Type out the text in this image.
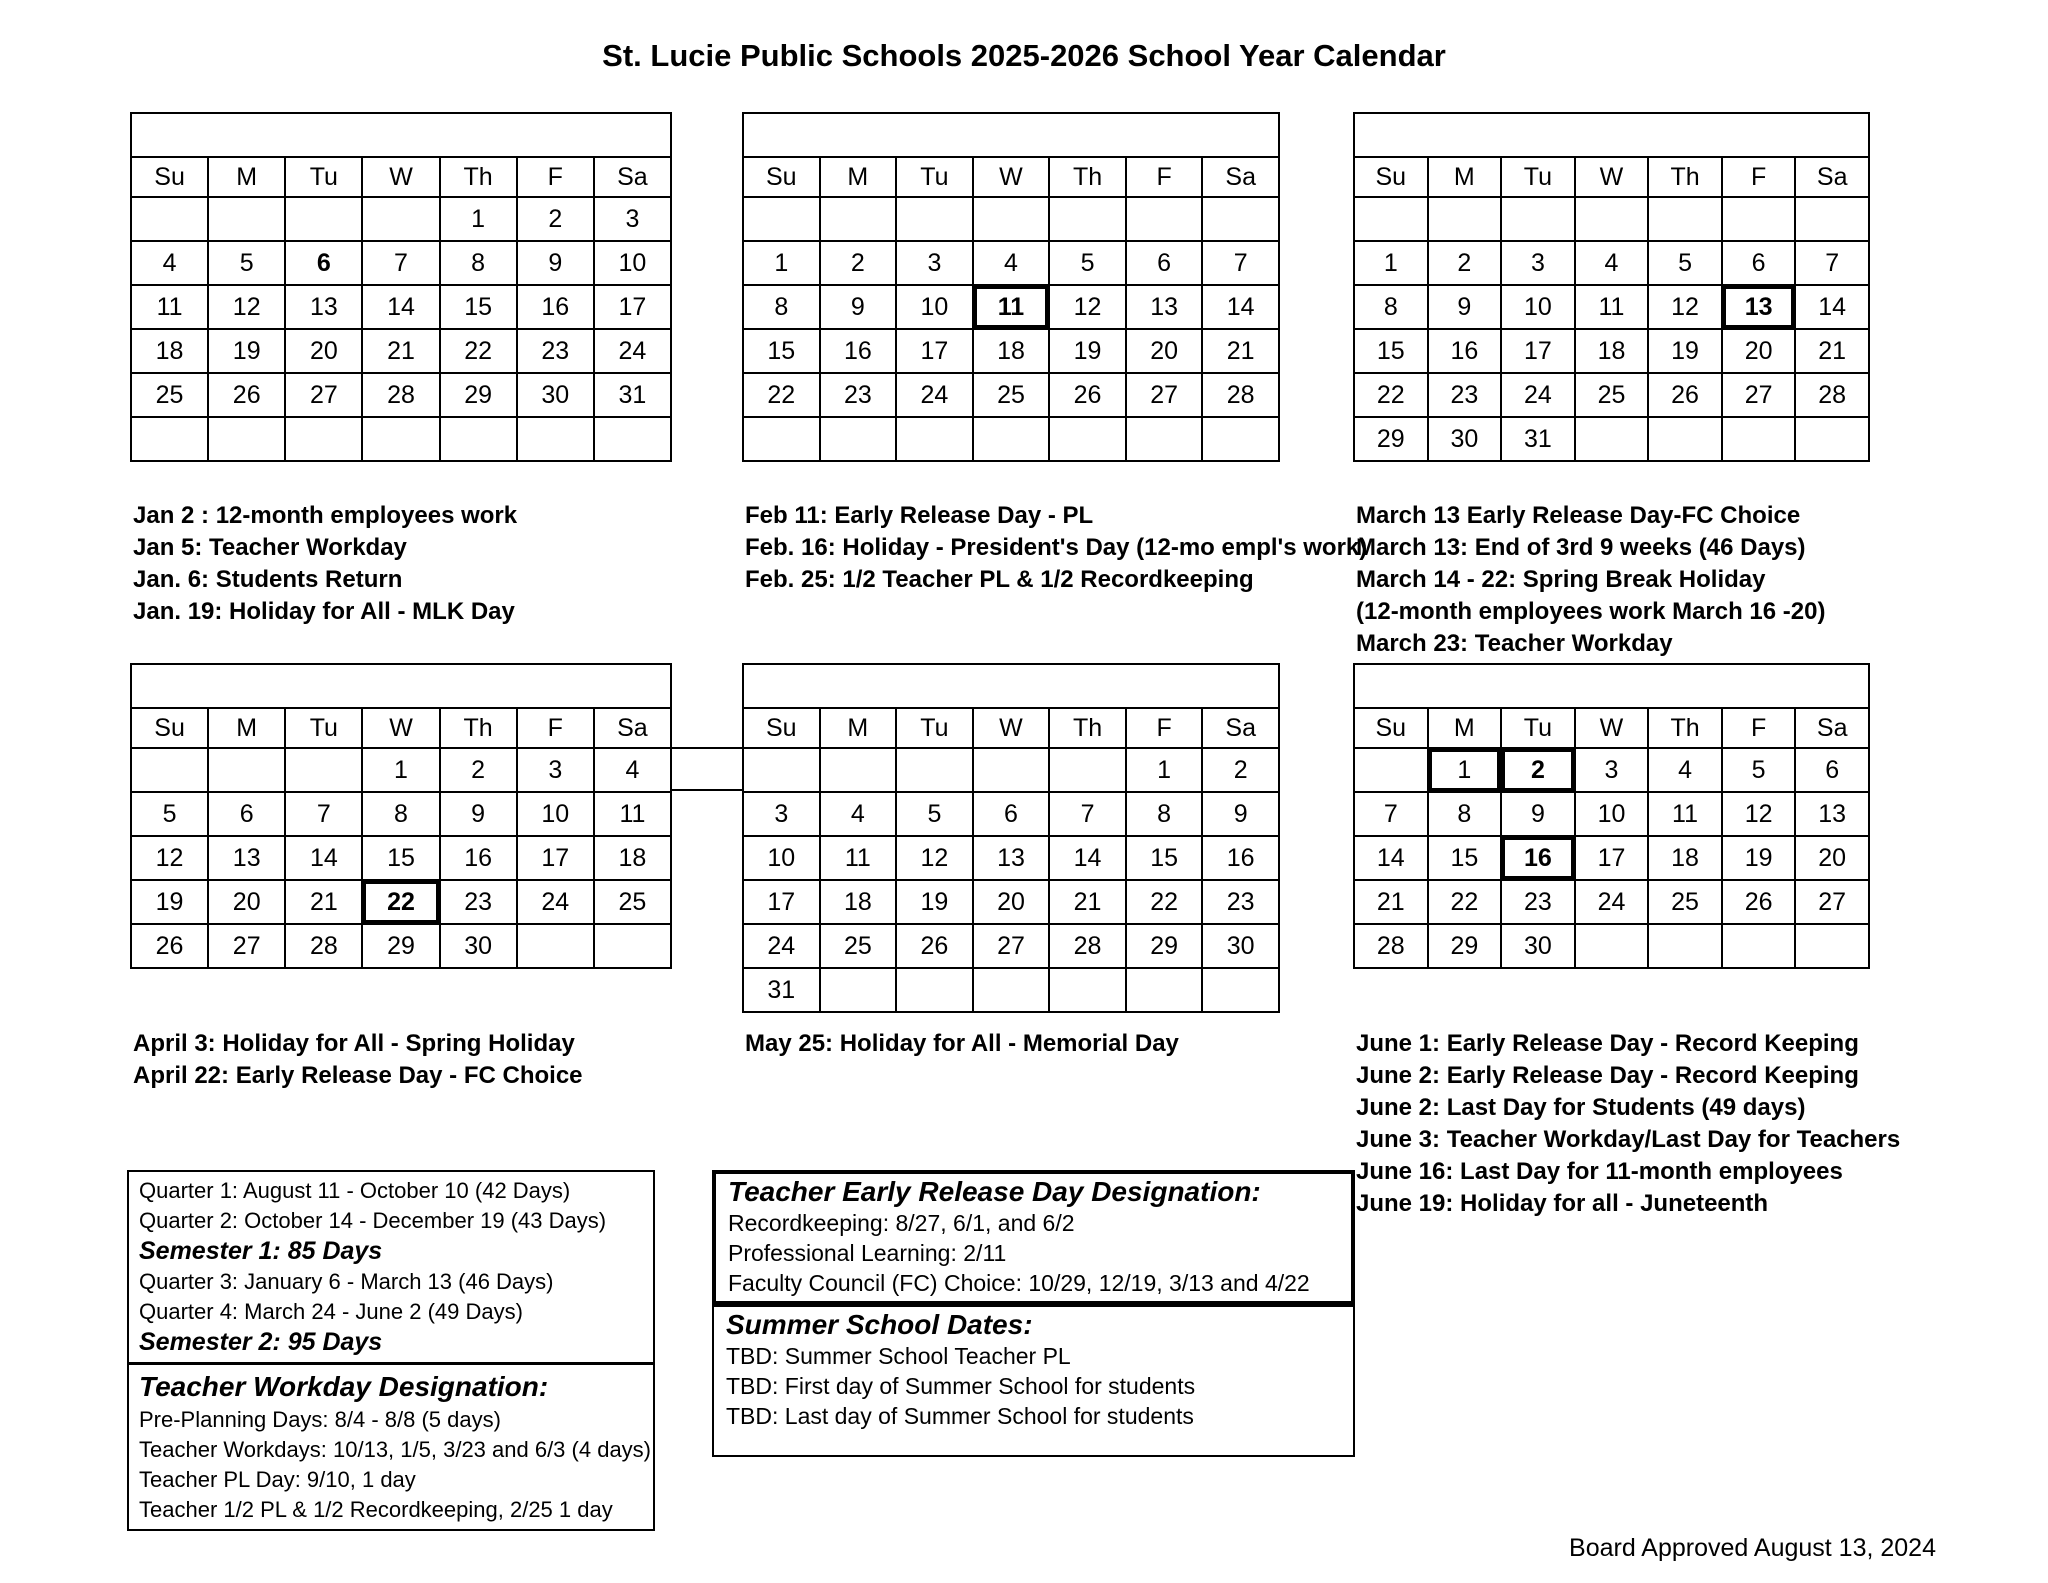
St. Lucie Public Schools 2025-2026 School Year Calendar
January, 2026 18						

Su	M	Tu	W	Th	F	Sa
				1	2	3
4	5	6	7	8	9	10
11	12	13	14	15	16	17
18	19	20	21	22	23	24
25	26	27	28	29	30	31

February, 2026 18						

Su	M	Tu	W	Th	F	Sa

1	2	3	4	5	6	7
8	9	10	11	12	13	14
15	16	17	18	19	20	21
22	23	24	25	26	27	28

March, 2026 16						

Su	M	Tu	W	Th	F	Sa

1	2	3	4	5	6	7
8	9	10	11	12	13	14
15	16	17	18	19	20	21
22	23	24	25	26	27	28
29	30	31				
April, 2026 21						

Su	M	Tu	W	Th	F	Sa
			1	2	3	4
5	6	7	8	9	10	11
12	13	14	15	16	17	18
19	20	21	22	23	24	25
26	27	28	29	30		
May, 2026 20						

Su	M	Tu	W	Th	F	Sa
					1	2
3	4	5	6	7	8	9
10	11	12	13	14	15	16
17	18	19	20	21	22	23
24	25	26	27	28	29	30
31						
June, 2026 2						

Su	M	Tu	W	Th	F	Sa
	1	2	3	4	5	6
7	8	9	10	11	12	13
14	15	16	17	18	19	20
21	22	23	24	25	26	27
28	29	30				
Jan 2 : 12-month employees work
Jan 5: Teacher Workday
Jan. 6: Students Return
Jan. 19: Holiday for All - MLK Day
Feb 11: Early Release Day - PL
Feb. 16: Holiday - President's Day (12-mo empl's work)
Feb. 25: 1/2 Teacher PL & 1/2 Recordkeeping
March 13 Early Release Day-FC Choice
March 13: End of 3rd 9 weeks (46 Days)
March 14 - 22: Spring Break Holiday
(12-month employees work March 16 -20)
March 23: Teacher Workday
April 3: Holiday for All - Spring Holiday
April 22: Early Release Day - FC Choice
May 25: Holiday for All - Memorial Day	June 1: Early Release Day - Record Keeping
June 2: Early Release Day - Record Keeping
June 2: Last Day for Students (49 days)
June 3: Teacher Workday/Last Day for Teachers
June 16: Last Day for 11-month employees
June 19: Holiday for all - Juneteenth
Quarter 1: August 11 - October 10 (42 Days)
Quarter 2: October 14 - December 19 (43 Days)
Semester 1: 85 Days
Quarter 3: January 6 - March 13 (46 Days)
Quarter 4: March 24 - June 2 (49 Days)
Semester 2: 95 Days
Teacher Workday Designation:
Pre-Planning Days: 8/4 - 8/8 (5 days)
Teacher Workdays: 10/13, 1/5, 3/23 and 6/3 (4 days)
Teacher PL Day: 9/10, 1 day
Teacher 1/2 PL & 1/2 Recordkeeping, 2/25 1 day
Teacher Early Release Day Designation:
Recordkeeping: 8/27, 6/1, and 6/2
Professional Learning: 2/11
Faculty Council (FC) Choice: 10/29, 12/19, 3/13 and 4/22
Summer School Dates:
TBD: Summer School Teacher PL
TBD: First day of Summer School for students
TBD: Last day of Summer School for students
Board Approved August 13, 2024
